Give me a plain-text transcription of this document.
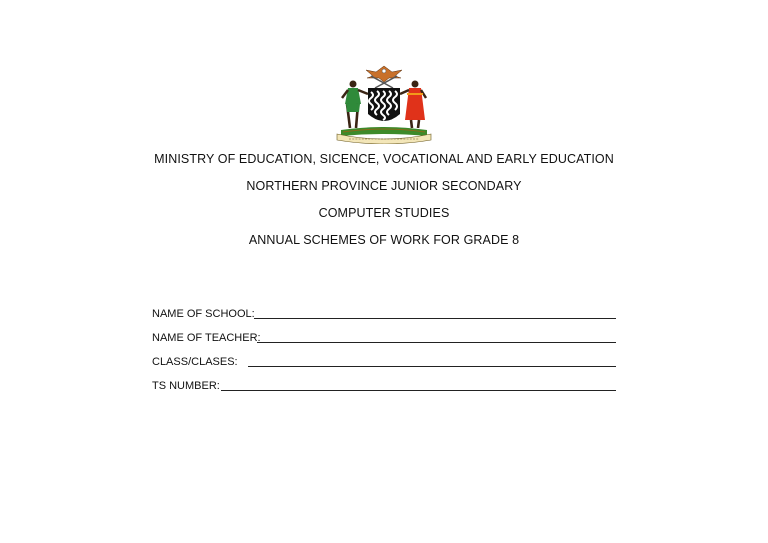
MINISTRY OF EDUCATION, SICENCE, VOCATIONAL AND EARLY EDUCATION
NORTHERN PROVINCE JUNIOR SECONDARY
COMPUTER STUDIES
ANNUAL SCHEMES OF WORK FOR GRADE 8
NAME OF SCHOOL:
NAME OF TEACHER:
CLASS/CLASES:
TS NUMBER:
